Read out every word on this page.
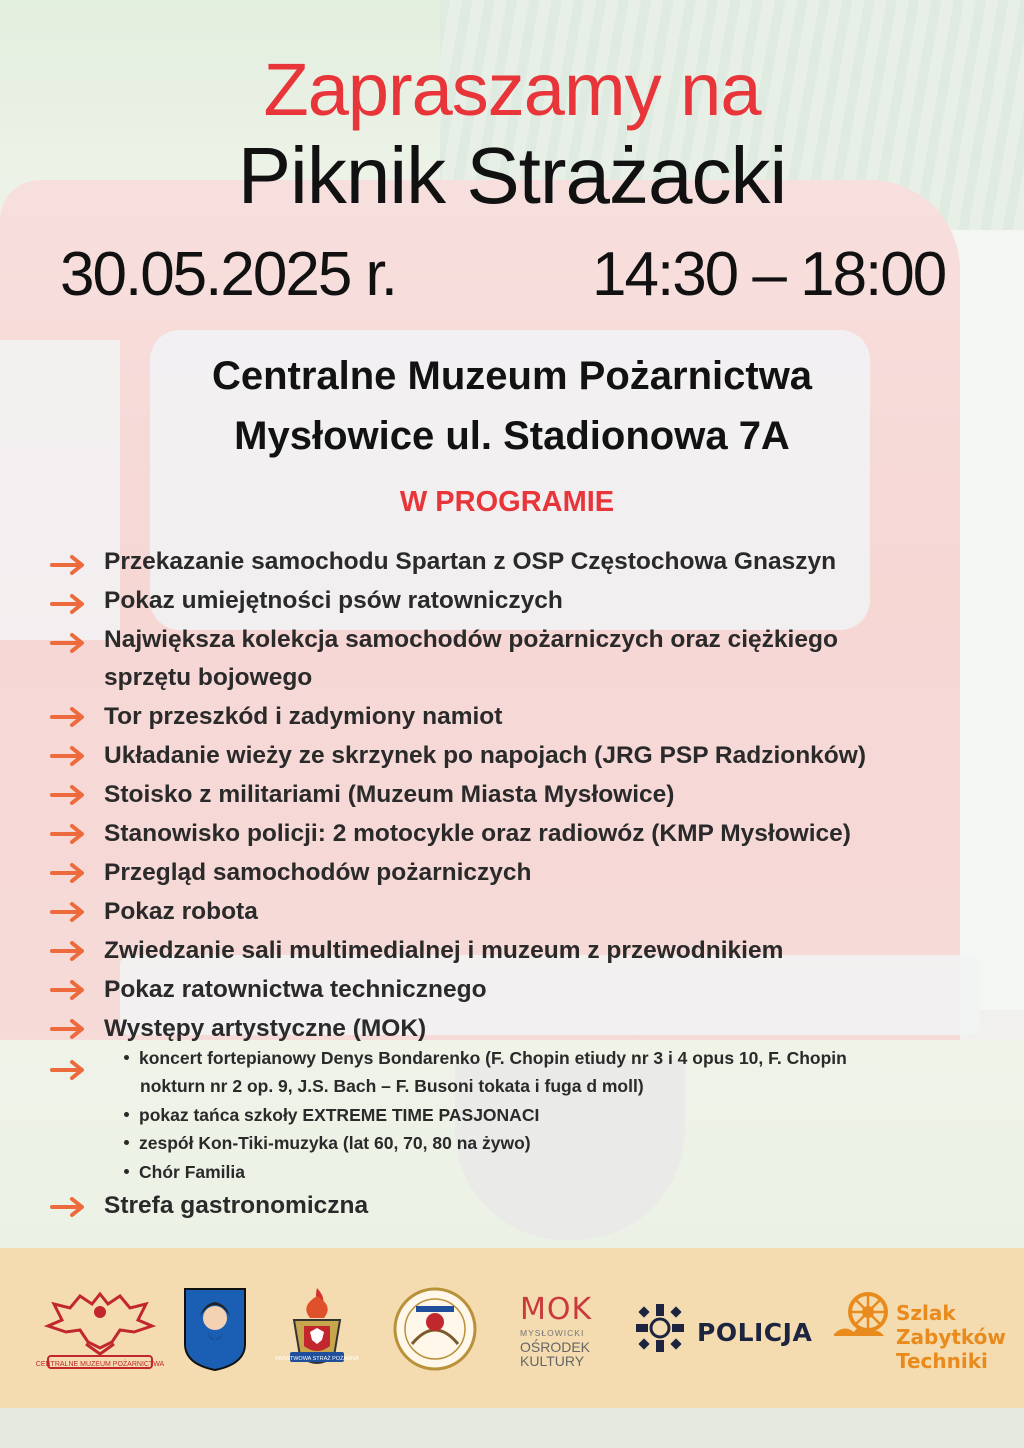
Zapraszamy na
Piknik Strażacki
30.05.2025 r.	14:30 – 18:00
Centralne Muzeum Pożarnictwa
Mysłowice ul. Stadionowa 7A
W PROGRAMIE
Przekazanie samochodu Spartan z OSP Częstochowa Gnaszyn
Pokaz umiejętności psów ratowniczych
Największa kolekcja samochodów pożarniczych oraz ciężkiego
sprzętu bojowego
Tor przeszkód i zadymiony namiot
Układanie wieży ze skrzynek po napojach (JRG PSP Radzionków)
Stoisko z militariami (Muzeum Miasta Mysłowice)
Stanowisko policji: 2 motocykle oraz radiowóz (KMP Mysłowice)
Przegląd samochodów pożarniczych
Pokaz robota
Zwiedzanie sali multimedialnej i muzeum z przewodnikiem
Pokaz ratownictwa technicznego
Występy artystyczne (MOK)
koncert fortepianowy Denys Bondarenko (F. Chopin etiudy nr 3 i 4 opus 10, F. Chopin
nokturn nr 2 op. 9, J.S. Bach – F. Busoni tokata i fuga d moll)
pokaz tańca szkoły EXTREME TIME PASJONACI
zespół Kon-Tiki-muzyka (lat 60, 70, 80 na żywo)
Chór Familia
Strefa gastronomiczna
CENTRALNE MUZEUM POŻARNICTWA
PAŃSTWOWA STRAŻ POŻARNA
MOK
MYSŁOWICKI
OŚRODEK
KULTURY
POLICJA
Szlak
Zabytków
Techniki
